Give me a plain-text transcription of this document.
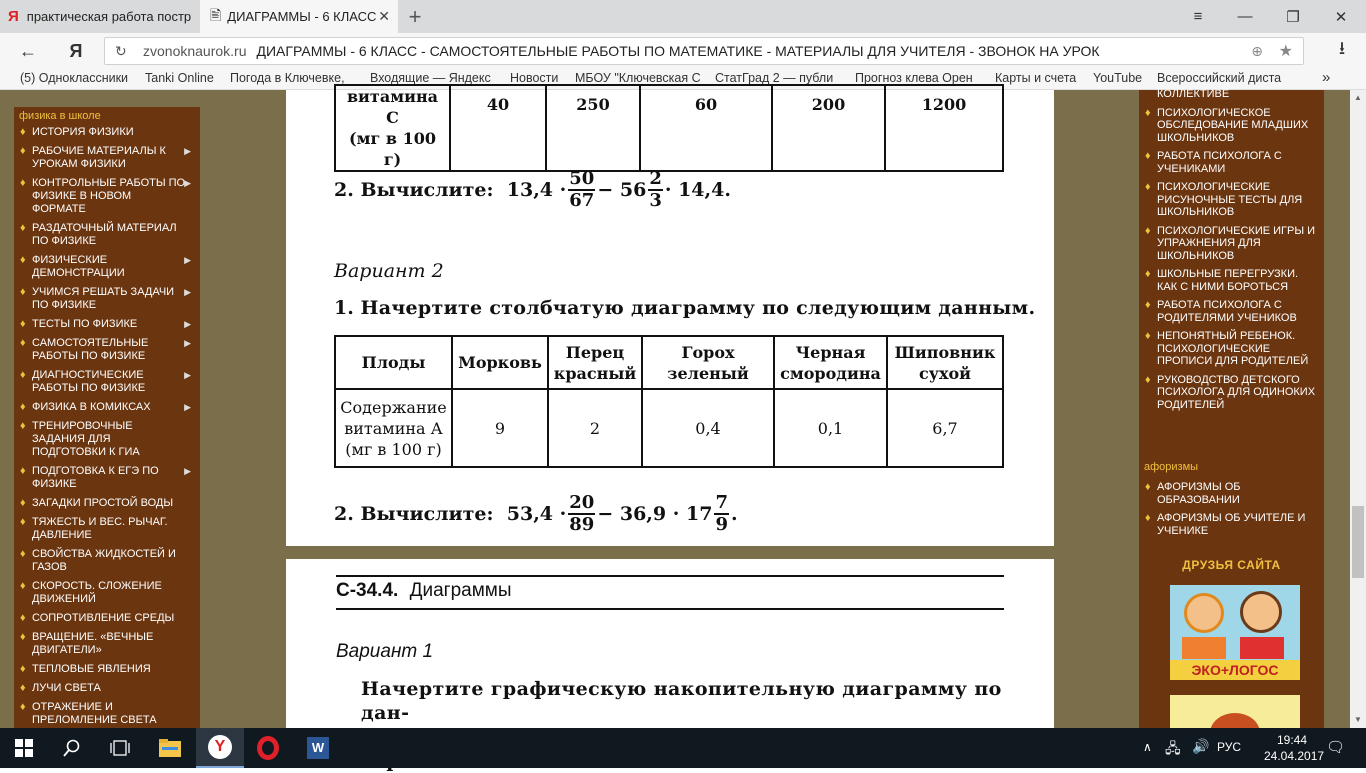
Я практическая работа постр 🖹 ДИАГРАММЫ - 6 КЛАСС ✕ +	≡	—	❐	✕
←	Я	↻ zvonoknaurok.ru ДИАГРАММЫ - 6 КЛАСС - САМОСТОЯТЕЛЬНЫЕ РАБОТЫ ПО МАТЕМАТИКЕ - МАТЕРИАЛЫ ДЛЯ УЧИТЕЛЯ - ЗВОНОК НА УРОК	⊕ ★	⭳
(5) Одноклассники Tanki Online Погода в Ключевке,	Входящие — Яндекс Новости МБОУ "Ключевская С СтатГрад 2 — публи	Прогноз клева Орен	Карты и счета YouTube Всероссийский диста	»
физика в школе
♦ ИСТОРИЯ ФИЗИКИ
♦ РАБОЧИЕ МАТЕРИАЛЫ К УРОКАМ ФИЗИКИ
▶
♦ КОНТРОЛЬНЫЕ РАБОТЫ ПО ФИЗИКЕ В НОВОМ ФОРМАТЕ
▶
♦ РАЗДАТОЧНЫЙ МАТЕРИАЛ ПО ФИЗИКЕ
♦ ФИЗИЧЕСКИЕ ДЕМОНСТРАЦИИ
▶
♦ УЧИМСЯ РЕШАТЬ ЗАДАЧИ ПО ФИЗИКЕ
▶
♦ ТЕСТЫ ПО ФИЗИКЕ	▶
♦ САМОСТОЯТЕЛЬНЫЕ РАБОТЫ ПО ФИЗИКЕ
▶
♦ ДИАГНОСТИЧЕСКИЕ РАБОТЫ ПО ФИЗИКЕ
▶
♦ ФИЗИКА В КОМИКСАХ	▶
♦ ТРЕНИРОВОЧНЫЕ ЗАДАНИЯ ДЛЯ ПОДГОТОВКИ К ГИА
♦ ПОДГОТОВКА К ЕГЭ ПО ФИЗИКЕ
▶
♦ ЗАГАДКИ ПРОСТОЙ ВОДЫ
♦ ТЯЖЕСТЬ И ВЕС. РЫЧАГ. ДАВЛЕНИЕ
♦ СВОЙСТВА ЖИДКОСТЕЙ И ГАЗОВ
♦ СКОРОСТЬ. СЛОЖЕНИЕ ДВИЖЕНИЙ
♦ СОПРОТИВЛЕНИЕ СРЕДЫ
♦ ВРАЩЕНИЕ. «ВЕЧНЫЕ ДВИГАТЕЛИ»
♦ ТЕПЛОВЫЕ ЯВЛЕНИЯ
♦ ЛУЧИ СВЕТА
♦ ОТРАЖЕНИЕ И ПРЕЛОМЛЕНИЕ СВЕТА
витамина С
(мг в 100 г)	40	250	60	200	1200
2.
Вычислите:
$13,4 \cdot \frac{50}{67} - 56 \frac{2}{3} \cdot 14,4$.
Вариант 2
1. Начертите столбчатую диаграмму по следующим данным.
Плоды	Морковь	Перец красный	Горох зеленый	Черная смородина	Шиповник сухой
Содержание
витамина А
(мг в 100 г)	9	2	0,4	0,1	6,7
2.
Вычислите:
$53,4 \cdot \frac{20}{89} - 36,9 \cdot 17 \frac{7}{9}$ .
С-34.4. Диаграммы
Вариант 1
Начертите графическую накопительную диаграмму по дан-
КОЛЛЕКТИВЕ
♦ ПСИХОЛОГИЧЕСКОЕ ОБСЛЕДОВАНИЕ МЛАДШИХ ШКОЛЬНИКОВ
♦ РАБОТА ПСИХОЛОГА С УЧЕНИКАМИ
♦ ПСИХОЛОГИЧЕСКИЕ РИСУНОЧНЫЕ ТЕСТЫ ДЛЯ ШКОЛЬНИКОВ
♦ ПСИХОЛОГИЧЕСКИЕ ИГРЫ И УПРАЖНЕНИЯ ДЛЯ ШКОЛЬНИКОВ
♦ ШКОЛЬНЫЕ ПЕРЕГРУЗКИ. КАК С НИМИ БОРОТЬСЯ
♦ РАБОТА ПСИХОЛОГА С РОДИТЕЛЯМИ УЧЕНИКОВ
♦ НЕПОНЯТНЫЙ РЕБЕНОК. ПСИХОЛОГИЧЕСКИЕ ПРОПИСИ ДЛЯ РОДИТЕЛЕЙ
♦ РУКОВОДСТВО ДЕТСКОГО ПСИХОЛОГА ДЛЯ ОДИНОКИХ РОДИТЕЛЕЙ
афоризмы
♦ АФОРИЗМЫ ОБ ОБРАЗОВАНИИ
♦ АФОРИЗМЫ ОБ УЧИТЕЛЕ И УЧЕНИКЕ
ДРУЗЬЯ САЙТА
ЭКО+ЛОГОС
▲
▼
Y	W	∧ 🖧 🔊 РУС	19:44
24.04.2017 🗨
